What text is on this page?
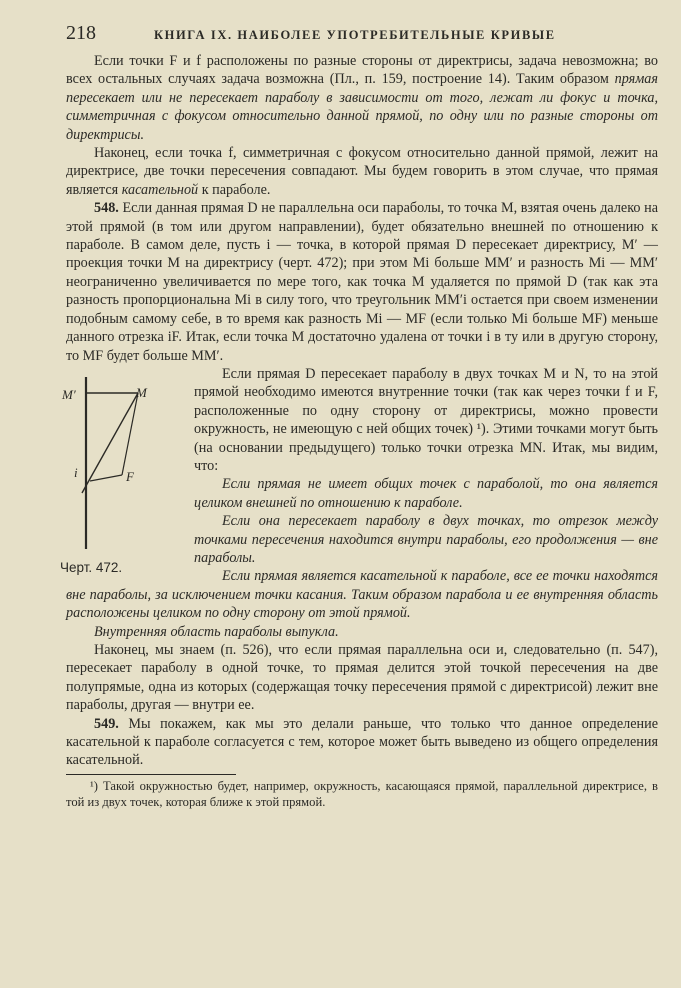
218	КНИГА IX. НАИБОЛЕЕ УПОТРЕБИТЕЛЬНЫЕ КРИВЫЕ

Если точки F и f расположены по разные стороны от директрисы, задача невозможна; во всех остальных случаях задача возможна (Пл., п. 159, построение 14). Таким образом прямая пересекает или не пересекает параболу в зависимости от того, лежат ли фокус и точка, симметричная с фокусом относительно данной прямой, по одну или по разные стороны от директрисы.

Наконец, если точка f, симметричная с фокусом относительно данной прямой, лежит на директрисе, две точки пересечения совпадают. Мы будем говорить в этом случае, что прямая является касательной к параболе.

548. Если данная прямая D не параллельна оси параболы, то точка M, взятая очень далеко на этой прямой (в том или другом направлении), будет обязательно внешней по отношению к параболе. В самом деле, пусть i — точка, в которой прямая D пересекает директрису, M′ — проекция точки M на директрису (черт. 472); при этом Mi больше MM′ и разность Mi — MM′ неограниченно увеличивается по мере того, как точка M удаляется по прямой D (так как эта разность пропорциональна Mi в силу того, что треугольник MM′i остается при своем изменении подобным самому себе, в то время как разность Mi — MF (если только Mi больше MF) меньше данного отрезка iF. Итак, если точка M достаточно удалена от точки i в ту или в другую сторону, то MF будет больше MM′.

M′	M
i	F
Черт. 472.

Если прямая D пересекает параболу в двух точках M и N, то на этой прямой необходимо имеются внутренние точки (так как через точки f и F, расположенные по одну сторону от директрисы, можно провести окружность, не имеющую с ней общих точек) ¹). Этими точками могут быть (на основании предыдущего) только точки отрезка MN. Итак, мы видим, что:

Если прямая не имеет общих точек с параболой, то она является целиком внешней по отношению к параболе.

Если она пересекает параболу в двух точках, то отрезок между точками пересечения находится внутри параболы, его продолжения — вне параболы.

Если прямая является касательной к параболе, все ее точки находятся вне параболы, за исключением точки касания. Таким образом парабола и ее внутренняя область расположены целиком по одну сторону от этой прямой.

Внутренняя область параболы выпукла.

Наконец, мы знаем (п. 526), что если прямая параллельна оси и, следовательно (п. 547), пересекает параболу в одной точке, то прямая делится этой точкой пересечения на две полупрямые, одна из которых (содержащая точку пересечения прямой с директрисой) лежит вне параболы, другая — внутри ее.

549. Мы покажем, как мы это делали раньше, что только что данное определение касательной к параболе согласуется с тем, которое может быть выведено из общего определения касательной.

¹) Такой окружностью будет, например, окружность, касающаяся прямой, параллельной директрисе, в той из двух точек, которая ближе к этой прямой.
